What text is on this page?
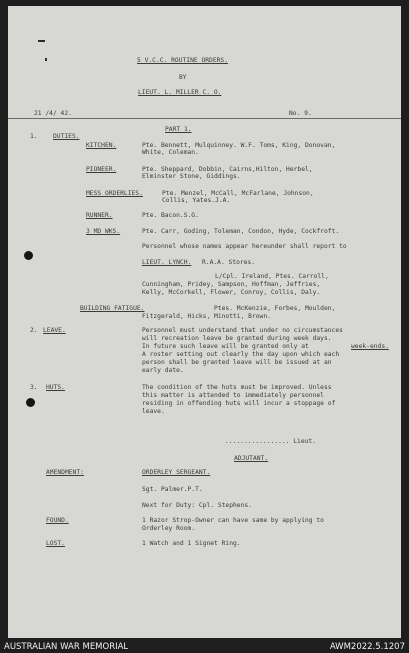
5 V.C.C. ROUTINE ORDERS.
BY
LIEUT. L. MILLER C. O.
21 /4/ 42.	No. 9.
PART 1.
1. DUTIES.
KITCHEN.	Pte. Bennett, Mulquinney. W.F. Toms, King, Donovan,
White, Coleman.
PIONEER.	Pte. Sheppard, Dobbin, Cairns,Hilton, Herbel,
Elminster Stone, Giddings.
MESS ORDERLIES.	Pte. Menzel, McCall, McFarlane, Johnson,
Collis, Yates.J.A.
RUNNER.	Pte. Bacon.S.G.
3 MD WKS.	Pte. Carr, Goding, Toleman, Condon, Hyde, Cockfroft.
Personnel whose names appear hereunder shall report to
LIEUT. LYNCH. R.A.A. Stores.
L/Cpl. Ireland, Ptes. Carroll,
Cunningham, Pridey, Sampson, Hoffman, Jeffries,
Kelly, McCorkell, Flower, Conroy, Collis, Daly.
BUILDING FATIGUE.	Ptes. McKenzie, Forbes, Moulden,
Fitzgerald, Hicks, Minotti, Brown.
2. LEAVE.	Personnel must understand that under no circumstances
will recreation leave be granted during week days.
In future such leave will be granted only at	week-ends.
A roster setting out clearly the day upon which each
person shall be granted leave will be issued at an
early date.
3. HUTS.	The condition of the huts must be improved. Unless
this matter is attended to immediately personnel
residing in offending huts will incur a stoppage of
leave.
................. Lieut.
ADJUTANT.
AMENDMENT:	ORDERLEY SERGEANT.
Sgt. Palmer.P.T.
Next for Duty: Cpl. Stephens.
FOUND.	1 Razor Strop-Owner can have same by applying to
Orderley Room.
LOST.	1 Watch and 1 Signet Ring.
AUSTRALIAN WAR MEMORIAL	AWM2022.5.1207
